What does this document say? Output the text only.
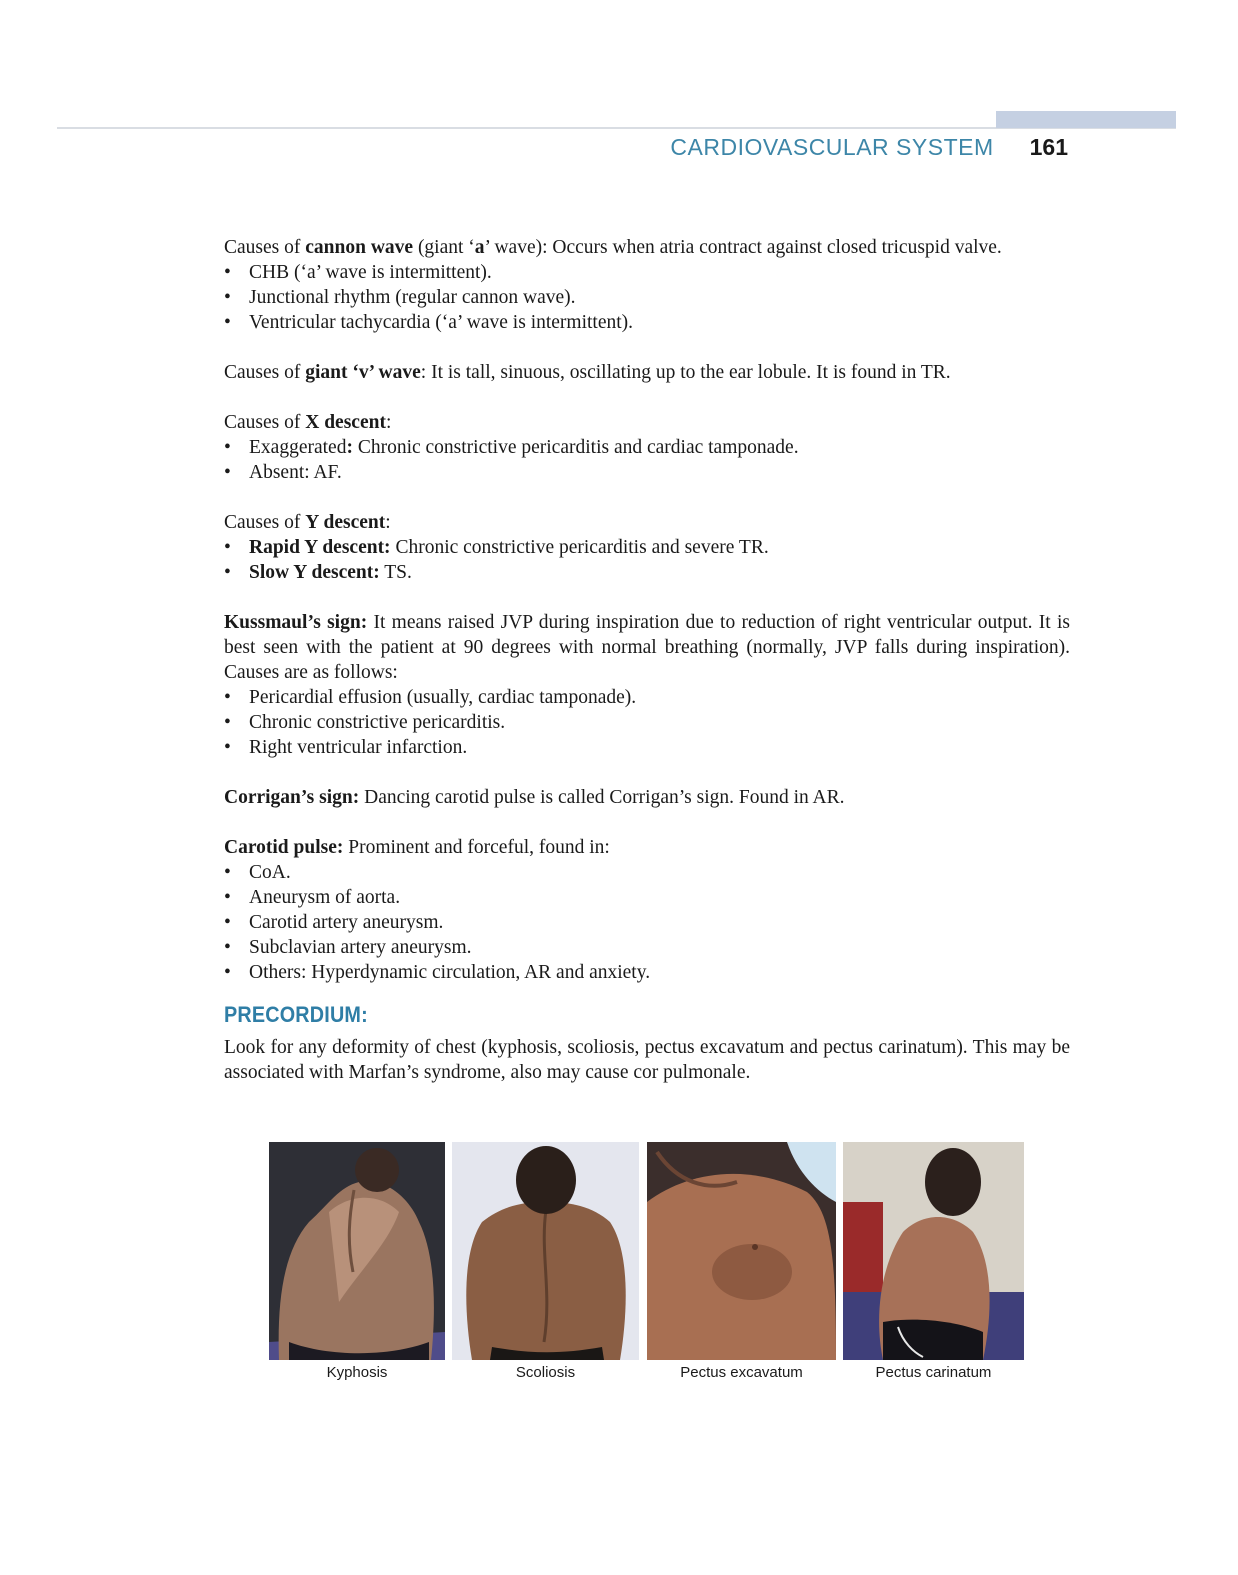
CARDIOVASCULAR SYSTEM 161

Causes of cannon wave (giant ‘a’ wave): Occurs when atria contract against closed tricuspid valve.

• CHB (‘a’ wave is intermittent).
• Junctional rhythm (regular cannon wave).
• Ventricular tachycardia (‘a’ wave is intermittent).

Causes of giant ‘v’ wave: It is tall, sinuous, oscillating up to the ear lobule. It is found in TR.

Causes of X descent:

• Exaggerated: Chronic constrictive pericarditis and cardiac tamponade.
• Absent: AF.

Causes of Y descent:

• Rapid Y descent: Chronic constrictive pericarditis and severe TR.
• Slow Y descent: TS.

Kussmaul’s sign: It means raised JVP during inspiration due to reduction of right ventricular output. It is best seen with the patient at 90 degrees with normal breathing (normally, JVP falls during inspiration). Causes are as follows:

• Pericardial effusion (usually, cardiac tamponade).
• Chronic constrictive pericarditis.
• Right ventricular infarction.

Corrigan’s sign: Dancing carotid pulse is called Corrigan’s sign. Found in AR.

Carotid pulse: Prominent and forceful, found in:

• CoA.
• Aneurysm of aorta.
• Carotid artery aneurysm.
• Subclavian artery aneurysm.
• Others: Hyperdynamic circulation, AR and anxiety.
PRECORDIUM:

Look for any deformity of chest (kyphosis, scoliosis, pectus excavatum and pectus carinatum). This may be associated with Marfan’s syndrome, also may cause cor pulmonale.

Kyphosis	Scoliosis	Pectus excavatum	Pectus carinatum
